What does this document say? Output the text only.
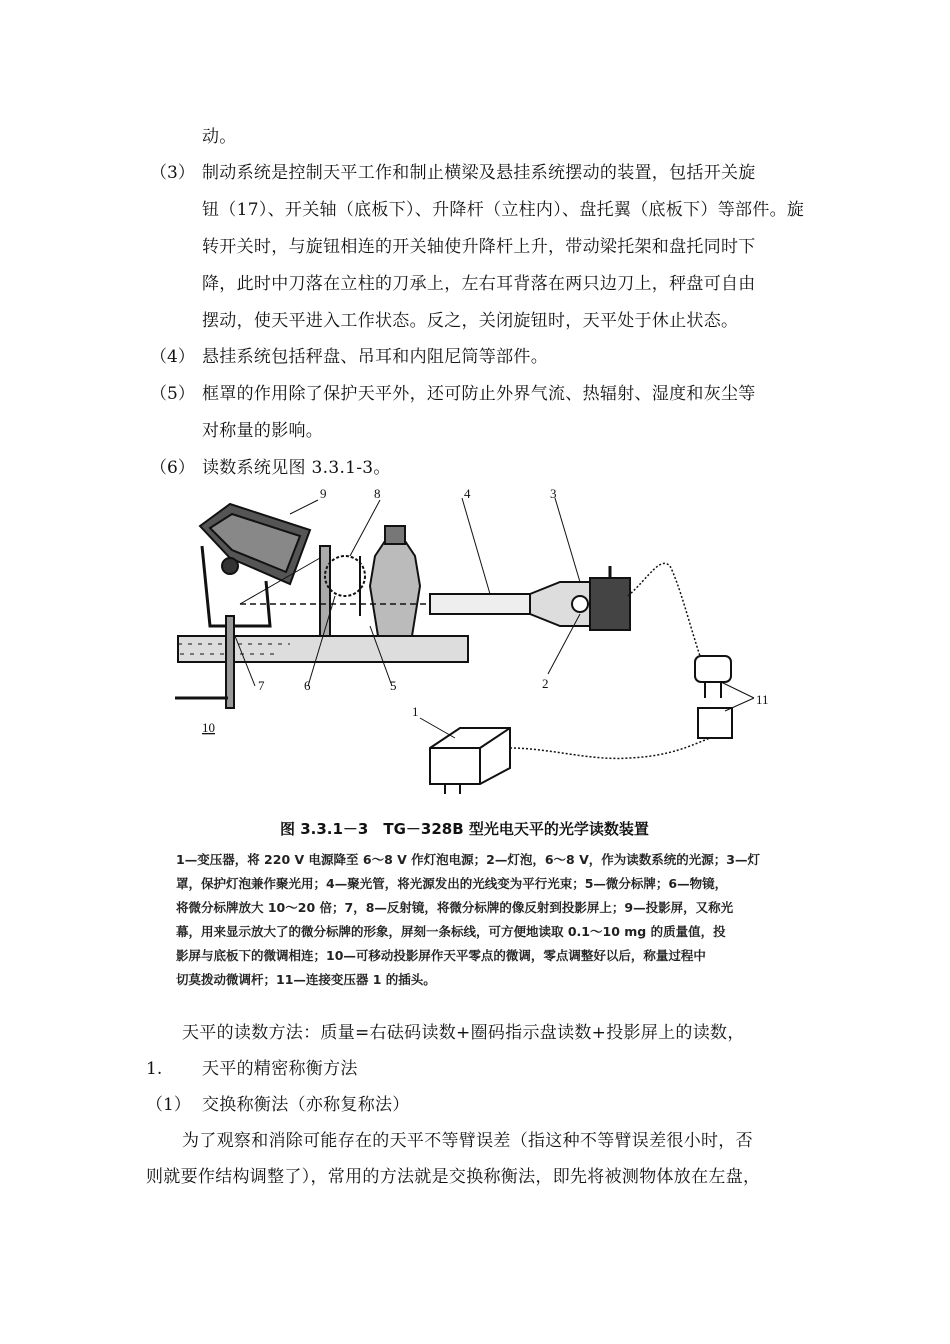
动。
（3） 制动系统是控制天平工作和制止横梁及悬挂系统摆动的装置，包括开关旋
钮（17）、开关轴（底板下）、升降杆（立柱内）、盘托翼（底板下）等部件。旋
转开关时，与旋钮相连的开关轴使升降杆上升，带动梁托架和盘托同时下
降，此时中刀落在立柱的刀承上，左右耳背落在两只边刀上，秤盘可自由
摆动，使天平进入工作状态。反之，关闭旋钮时，天平处于休止状态。
（4） 悬挂系统包括秤盘、吊耳和内阻尼筒等部件。
（5） 框罩的作用除了保护天平外，还可防止外界气流、热辐射、湿度和灰尘等
对称量的影响。
（6） 读数系统见图 3.3.1-3。
9	8	4	3
7	6	5	2
10
11
1
图 3.3.1－3　TG－328B 型光电天平的光学读数装置
1—变压器，将 220 V 电源降至 6～8 V 作灯泡电源；2—灯泡，6～8 V，作为读数系统的光源；3—灯
罩，保护灯泡兼作聚光用；4—聚光管，将光源发出的光线变为平行光束；5—微分标牌；6—物镜，
将微分标牌放大 10～20 倍；7，8—反射镜，将微分标牌的像反射到投影屏上；9—投影屏，又称光
幕，用来显示放大了的微分标牌的形象，屏刻一条标线，可方便地读取 0.1～10 mg 的质量值，投
影屏与底板下的微调相连；10—可移动投影屏作天平零点的微调，零点调整好以后，称量过程中
切莫拨动微调杆；11—连接变压器 1 的插头。
天平的读数方法：质量=右砝码读数+圈码指示盘读数+投影屏上的读数，
1. 天平的精密称衡方法
（1） 交换称衡法（亦称复称法）
为了观察和消除可能存在的天平不等臂误差（指这种不等臂误差很小时，否
则就要作结构调整了），常用的方法就是交换称衡法，即先将被测物体放在左盘，
